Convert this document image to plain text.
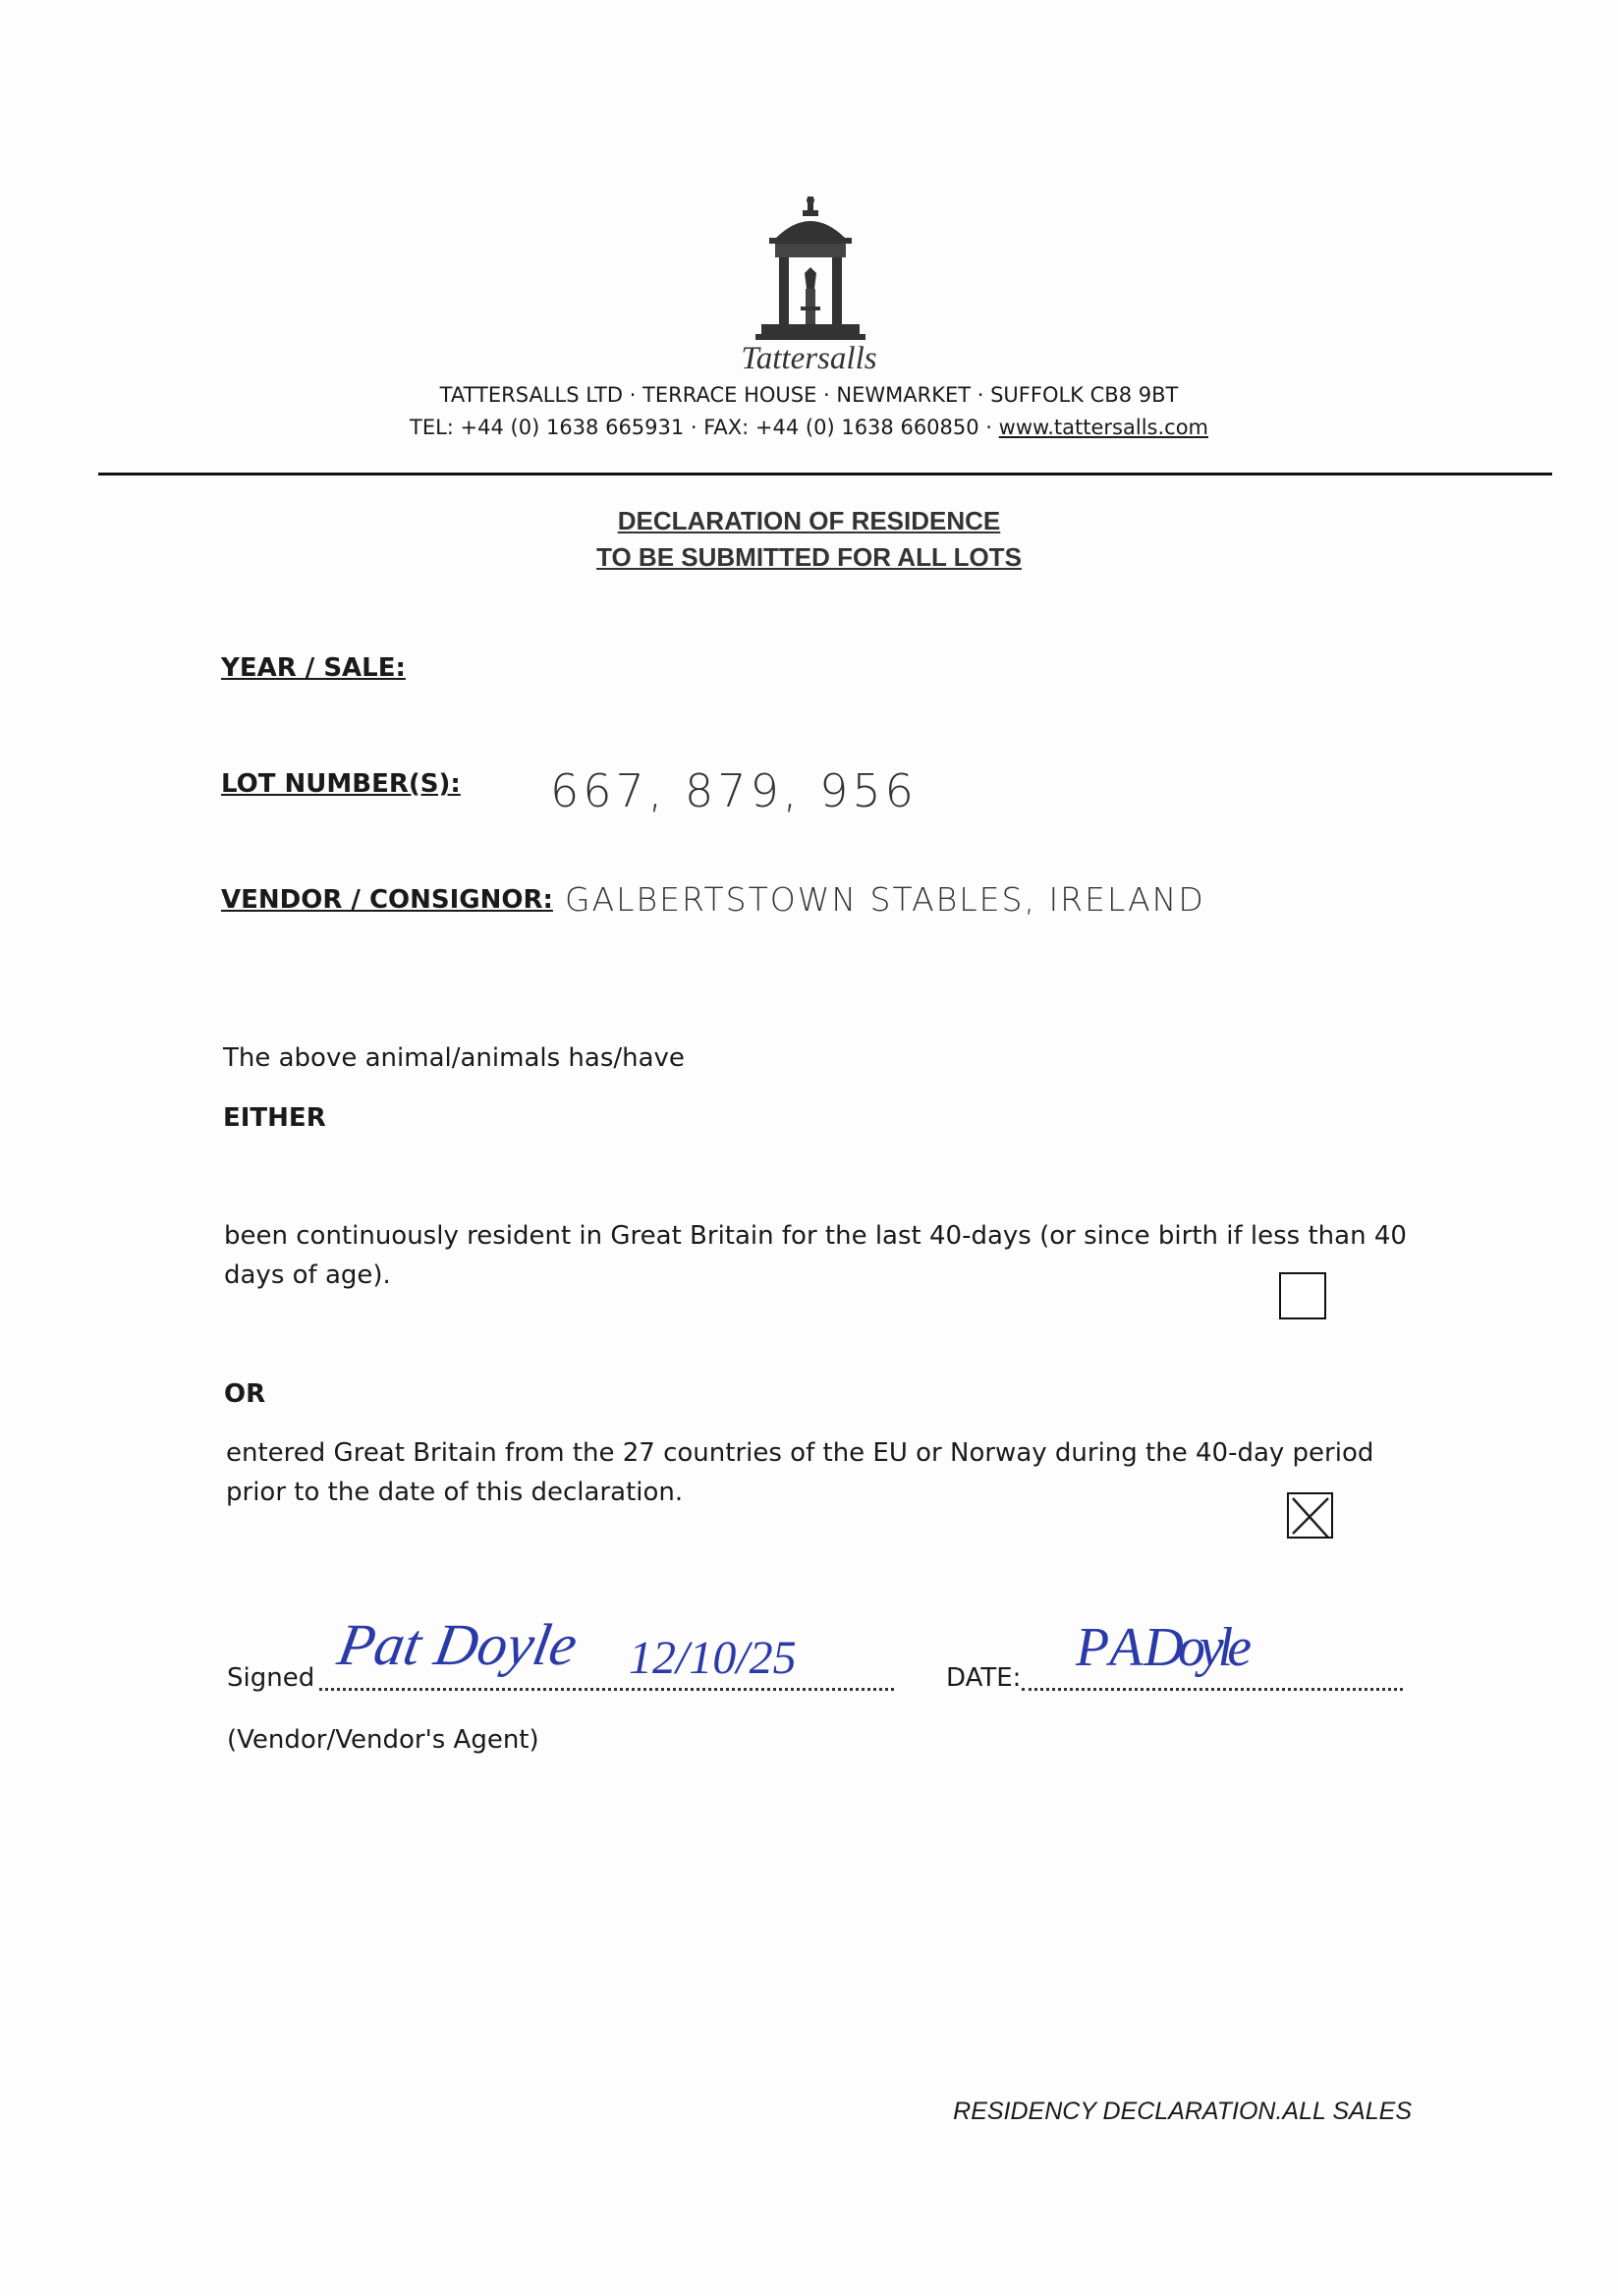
Tattersalls
TATTERSALLS LTD · TERRACE HOUSE · NEWMARKET · SUFFOLK CB8 9BT
TEL: +44 (0) 1638 665931 · FAX: +44 (0) 1638 660850 · www.tattersalls.com
DECLARATION OF RESIDENCE
TO BE SUBMITTED FOR ALL LOTS
YEAR / SALE:
LOT NUMBER(S): 667, 879, 956
VENDOR / CONSIGNOR: GALBERTSTOWN STABLES, IRELAND
The above animal/animals has/have
EITHER
been continuously resident in Great Britain for the last 40-days (or since birth if less than 40
days of age).
OR
entered Great Britain from the 27 countries of the EU or Norway during the 40-day period
prior to the date of this declaration.
Signed
Pat Doyle 12/10/25	DATE: P A Doyle
(Vendor/Vendor's Agent)
RESIDENCY DECLARATION.ALL SALES
